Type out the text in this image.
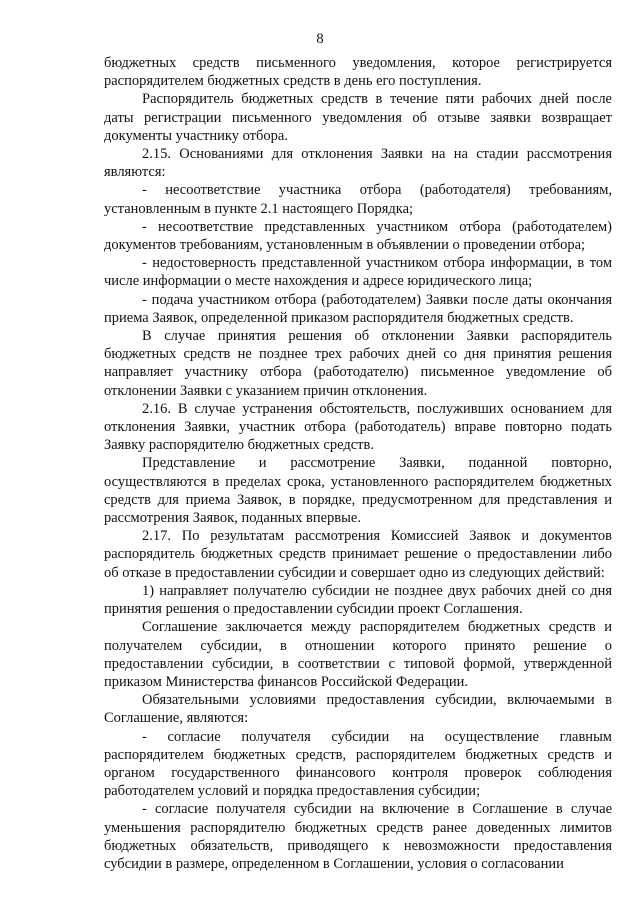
8

бюджетных средств письменного уведомления, которое регистрируется распорядителем бюджетных средств в день его поступления.

Распорядитель бюджетных средств в течение пяти рабочих дней после даты регистрации письменного уведомления об отзыве заявки возвращает документы участнику отбора.

2.15. Основаниями для отклонения Заявки на на стадии рассмотрения являются:

- несоответствие участника отбора (работодателя) требованиям, установленным в пункте 2.1 настоящего Порядка;

- несоответствие представленных участником отбора (работодателем) документов требованиям, установленным в объявлении о проведении отбора;

- недостоверность представленной участником отбора информации, в том числе информации о месте нахождения и адресе юридического лица;

- подача участником отбора (работодателем) Заявки после даты окончания приема Заявок, определенной приказом распорядителя бюджетных средств.

В случае принятия решения об отклонении Заявки распорядитель бюджетных средств не позднее трех рабочих дней со дня принятия решения направляет участнику отбора (работодателю) письменное уведомление об отклонении Заявки с указанием причин отклонения.

2.16. В случае устранения обстоятельств, послуживших основанием для отклонения Заявки, участник отбора (работодатель) вправе повторно подать Заявку распорядителю бюджетных средств.

Представление и рассмотрение Заявки, поданной повторно, осуществляются в пределах срока, установленного распорядителем бюджетных средств для приема Заявок, в порядке, предусмотренном для представления и рассмотрения Заявок, поданных впервые.

2.17. По результатам рассмотрения Комиссией Заявок и документов распорядитель бюджетных средств принимает решение о предоставлении либо об отказе в предоставлении субсидии и совершает одно из следующих действий:

1) направляет получателю субсидии не позднее двух рабочих дней со дня принятия решения о предоставлении субсидии проект Соглашения.

Соглашение заключается между распорядителем бюджетных средств и получателем субсидии, в отношении которого принято решение о предоставлении субсидии, в соответствии с типовой формой, утвержденной приказом Министерства финансов Российской Федерации.

Обязательными условиями предоставления субсидии, включаемыми в Соглашение, являются:

- согласие получателя субсидии на осуществление главным распорядителем бюджетных средств, распорядителем бюджетных средств и органом государственного финансового контроля проверок соблюдения работодателем условий и порядка предоставления субсидии;

- согласие получателя субсидии на включение в Соглашение в случае уменьшения распорядителю бюджетных средств ранее доведенных лимитов бюджетных обязательств, приводящего к невозможности предоставления субсидии в размере, определенном в Соглашении, условия о согласовании
